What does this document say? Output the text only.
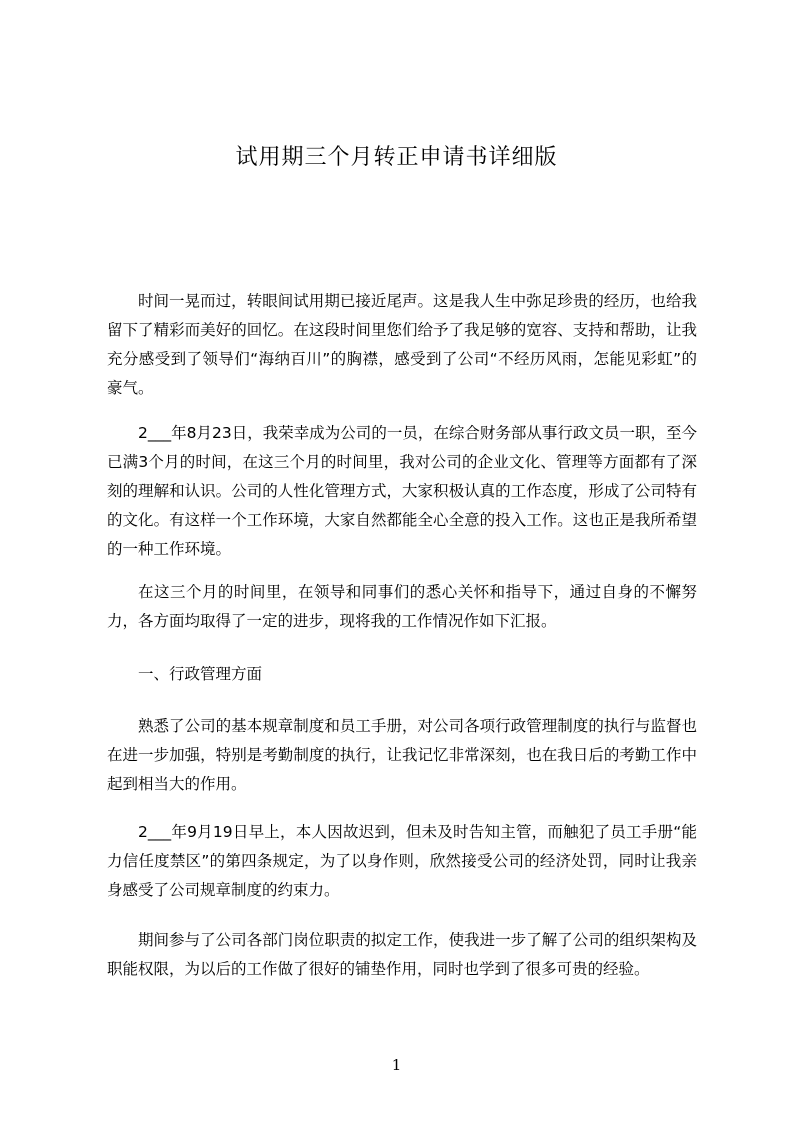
试用期三个月转正申请书详细版

时间一晃而过，转眼间试用期已接近尾声。这是我人生中弥足珍贵的经历，也给我留下了精彩而美好的回忆。在这段时间里您们给予了我足够的宽容、支持和帮助，让我充分感受到了领导们“海纳百川”的胸襟，感受到了公司“不经历风雨，怎能见彩虹”的豪气。

2___年8月23日，我荣幸成为公司的一员，在综合财务部从事行政文员一职，至今已满3个月的时间，在这三个月的时间里，我对公司的企业文化、管理等方面都有了深刻的理解和认识。公司的人性化管理方式，大家积极认真的工作态度，形成了公司特有的文化。有这样一个工作环境，大家自然都能全心全意的投入工作。这也正是我所希望的一种工作环境。

在这三个月的时间里，在领导和同事们的悉心关怀和指导下，通过自身的不懈努力，各方面均取得了一定的进步，现将我的工作情况作如下汇报。

一、行政管理方面

熟悉了公司的基本规章制度和员工手册，对公司各项行政管理制度的执行与监督也在进一步加强，特别是考勤制度的执行，让我记忆非常深刻，也在我日后的考勤工作中起到相当大的作用。

2___年9月19日早上，本人因故迟到，但未及时告知主管，而触犯了员工手册“能力信任度禁区”的第四条规定，为了以身作则，欣然接受公司的经济处罚，同时让我亲身感受了公司规章制度的约束力。

期间参与了公司各部门岗位职责的拟定工作，使我进一步了解了公司的组织架构及职能权限，为以后的工作做了很好的铺垫作用，同时也学到了很多可贵的经验。

1
